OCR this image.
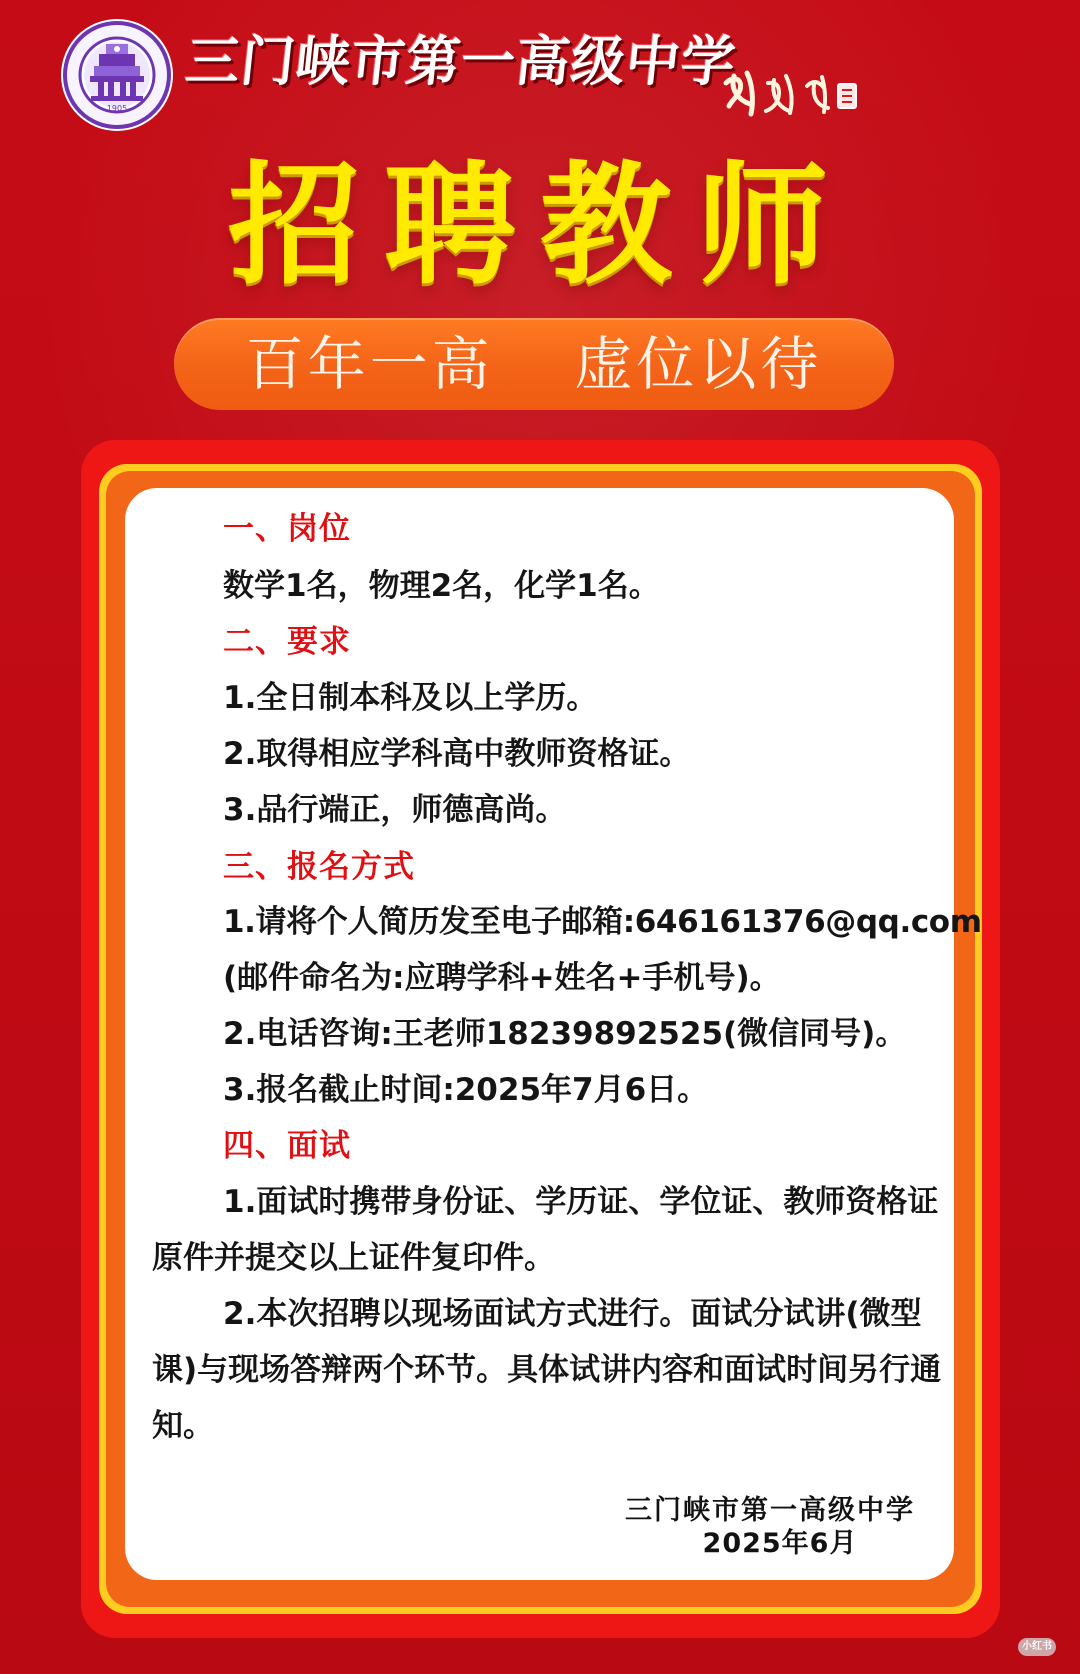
1905
三门峡市第一高级中学
招聘教师

百年一高  虚位以待

一、岗位

数学1名，物理2名，化学1名。

二、要求

1.全日制本科及以上学历。

2.取得相应学科高中教师资格证。

3.品行端正，师德高尚。

三、报名方式

1.请将个人简历发至电子邮箱:646161376@qq.com

(邮件命名为:应聘学科+姓名+手机号)。

2.电话咨询:王老师18239892525(微信同号)。

3.报名截止时间:2025年7月6日。

四、面试

1.面试时携带身份证、学历证、学位证、教师资格证

原件并提交以上证件复印件。

2.本次招聘以现场面试方式进行。面试分试讲(微型

课)与现场答辩两个环节。具体试讲内容和面试时间另行通

知。

三门峡市第一高级中学
2025年6月
小红书
